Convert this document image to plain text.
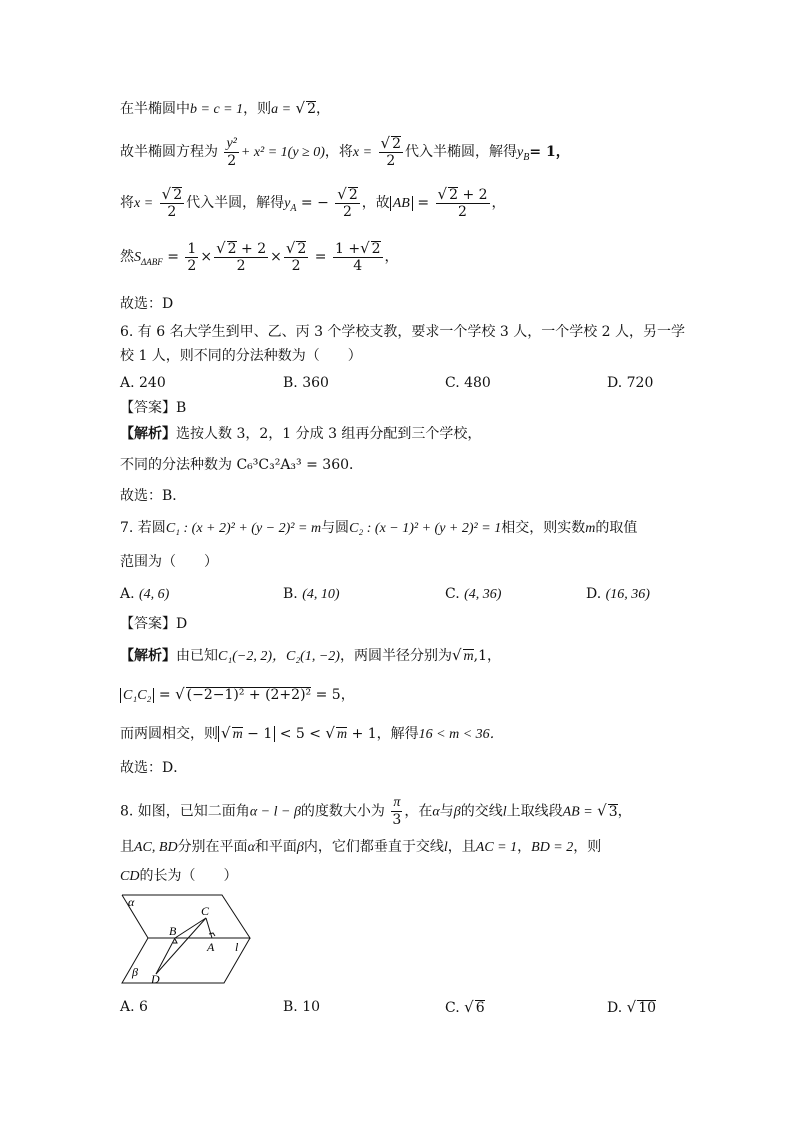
在半椭圆中b = c = 1，则a = √ 2，
故半椭圆方程为 $\frac{\text{y²}}{2} + x^2 = 1(y \ge 0)$，将$x = \frac{√ 2}{2}$ 代入半椭圆，解得$y_B= 1$，
将$x = \frac{√ 2}{2}$ 代入半圆，解得$y_A$ = − $\frac{√ 2}{2}$ ，故 AB = $\frac{√ 2 + 2}{2}$ ，
然$S_{\Delta ABF} = \frac{1}{2} \times \frac{√ 2 + 2}{2} \times \frac{√ 2}{2} = \frac{1 +√ 2}{4}$ ，
故选：D
6. 有 6 名大学生到甲、乙、丙 3 个学校支教，要求一个学校 3 人，一个学校 2 人，另一学
校 1 人，则不同的分法种数为（　　）
A. 240	B. 360	C. 480	D. 720
【答案】B
【解析】选按人数 3，2，1 分成 3 组再分配到三个学校，
不同的分法种数为 C₆³C₃²A₃³ = 360．
故选：B．
7. 若圆C₁ : (x + 2)² + (y − 2)² = m与圆C₂ : (x − 1)² + (y + 2)² = 1相交，则实数m的取值
范围为（　　）
A. (4, 6)	B. (4, 10)	C. (4, 36)	D. (16, 36)
【答案】D
【解析】由已知C₁(−2, 2)，C₂(1, −2)，两圆半径分别为√ m,1，
C₁C₂ = √ (−2−1)² + (2+2)² = 5，
而两圆相交，则 √ m − 1 < 5 < √ m + 1，解得16 < m < 36．
故选：D．
8. 如图，已知二面角α − l − β的度数大小为 $\frac{\pi}{3}$ ，在α与β的交线l上取线段AB = √ 3，
且AC, BD分别在平面α和平面β内，它们都垂直于交线l，且AC = 1，BD = 2，则
CD的长为（　　）
α
β
l
A
B
C
D
A. 6	B. 10	C. √ 6	D. √ 10
